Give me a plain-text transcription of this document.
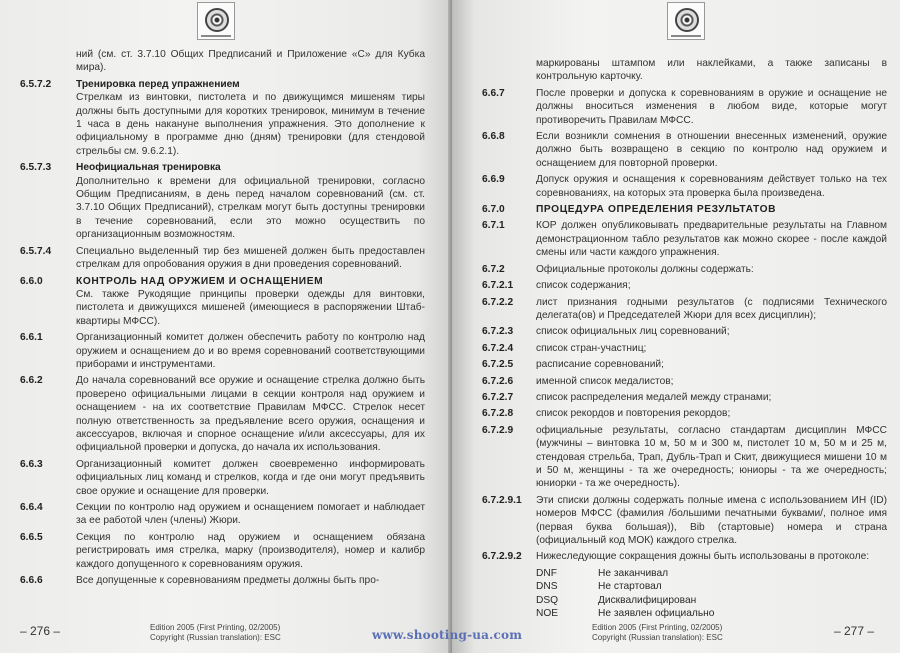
ний (см. ст. 3.7.10 Общих Предписаний и Приложение «С» для Кубка мира).
6.5.7.2	Тренировка перед упражнением
Стрелкам из винтовки, пистолета и по движущимся мишеням тиры должны быть доступными для коротких тренировок, минимум в течение 1 часа в день накануне выполнения упражнения. Это дополнение к официальному в программе дню (дням) тренировки (для стендовой стрельбы см. 9.6.2.1).
6.5.7.3	Неофициальная тренировка
Дополнительно к времени для официальной тренировки, согласно Общим Предписаниям, в день перед началом соревнований (см. ст. 3.7.10 Общих Предписаний), стрелкам могут быть доступны тренировки в течение соревнований, если это можно осуществить по организационным возможностям.
6.5.7.4	Специально выделенный тир без мишеней должен быть предоставлен стрелкам для опробования оружия в дни проведения соревнований.
6.6.0	КОНТРОЛЬ НАД ОРУЖИЕМ И ОСНАЩЕНИЕМ
См. также Рукодящие принципы проверки одежды для винтовки, пистолета и движущихся мишеней (имеющиеся в распоряжении Штаб-квартиры МФСС).
6.6.1	Организационный комитет должен обеспечить работу по контролю над оружием и оснащением до и во время соревнований соответствующими приборами и инструментами.
6.6.2	До начала соревнований все оружие и оснащение стрелка должно быть проверено официальными лицами в секции контроля над оружием и оснащением - на их соответствие Правилам МФСС. Стрелок несет полную ответственность за предъявление всего оружия, оснащения и аксессуаров, включая и спорное оснащение и/или аксессуары, для их официальной проверки и допуска, до начала их использования.
6.6.3	Организационный комитет должен своевременно информировать официальных лиц команд и стрелков, когда и где они могут предъявить свое оружие и оснащение для проверки.
6.6.4	Секции по контролю над оружием и оснащением помогает и наблюдает за ее работой член (члены) Жюри.
6.6.5	Секция по контролю над оружием и оснащением обязана регистрировать имя стрелка, марку (производителя), номер и калибр каждого допущенного к соревнованиям оружия.
6.6.6	Все допущенные к соревнованиям предметы должны быть про-
– 276 –	Edition 2005 (First Printing, 02/2005)
Copyright (Russian translation): ESC
маркированы штампом или наклейками, а также записаны в контрольную карточку.
6.6.7	После проверки и допуска к соревнованиям в оружие и оснащение не должны вноситься изменения в любом виде, которые могут противоречить Правилам МФСС.
6.6.8	Если возникли сомнения в отношении внесенных изменений, оружие должно быть возвращено в секцию по контролю над оружием и оснащением для повторной проверки.
6.6.9	Допуск оружия и оснащения к соревнованиям действует только на тех соревнованиях, на которых эта проверка была произведена.
6.7.0	ПРОЦЕДУРА ОПРЕДЕЛЕНИЯ РЕЗУЛЬТАТОВ
6.7.1	КОР должен опубликовывать предварительные результаты на Главном демонстрационном табло результатов как можно скорее - после каждой смены или части каждого упражнения.
6.7.2	Официальные протоколы должны содержать:
6.7.2.1	список содержания;
6.7.2.2	лист признания годными результатов (с подписями Технического делегата(ов) и Председателей Жюри для всех дисциплин);
6.7.2.3	список официальных лиц соревнований;
6.7.2.4	список стран-участниц;
6.7.2.5	расписание соревнований;
6.7.2.6	именной список медалистов;
6.7.2.7	список распределения медалей между странами;
6.7.2.8	список рекордов и повторения рекордов;
6.7.2.9	официальные результаты, согласно стандартам дисциплин МФСС (мужчины – винтовка 10 м, 50 м и 300 м, пистолет 10 м, 50 м и 25 м, стендовая стрельба, Трап, Дубль-Трап и Скит, движущиеся мишени 10 м и 50 м, женщины - та же очередность; юниоры - та же очередность; юниорки - та же очередность).
6.7.2.9.1	Эти списки должны содержать полные имена с использованием ИН (ID) номеров МФСС (фамилия /большими печатными буквами/, полное имя (первая буква большая)), Bib (стартовые) номера и страна (официальный код МОК) каждого стрелка.
6.7.2.9.2	Нижеследующие сокращения дожны быть использованы в протоколе:
DNF	Не заканчивал
DNS	Не стартовал
DSQ	Дисквалифицирован
NOE	Не заявлен официально
Edition 2005 (First Printing, 02/2005)
Copyright (Russian translation): ESC	– 277 –
www.shooting-ua.com
